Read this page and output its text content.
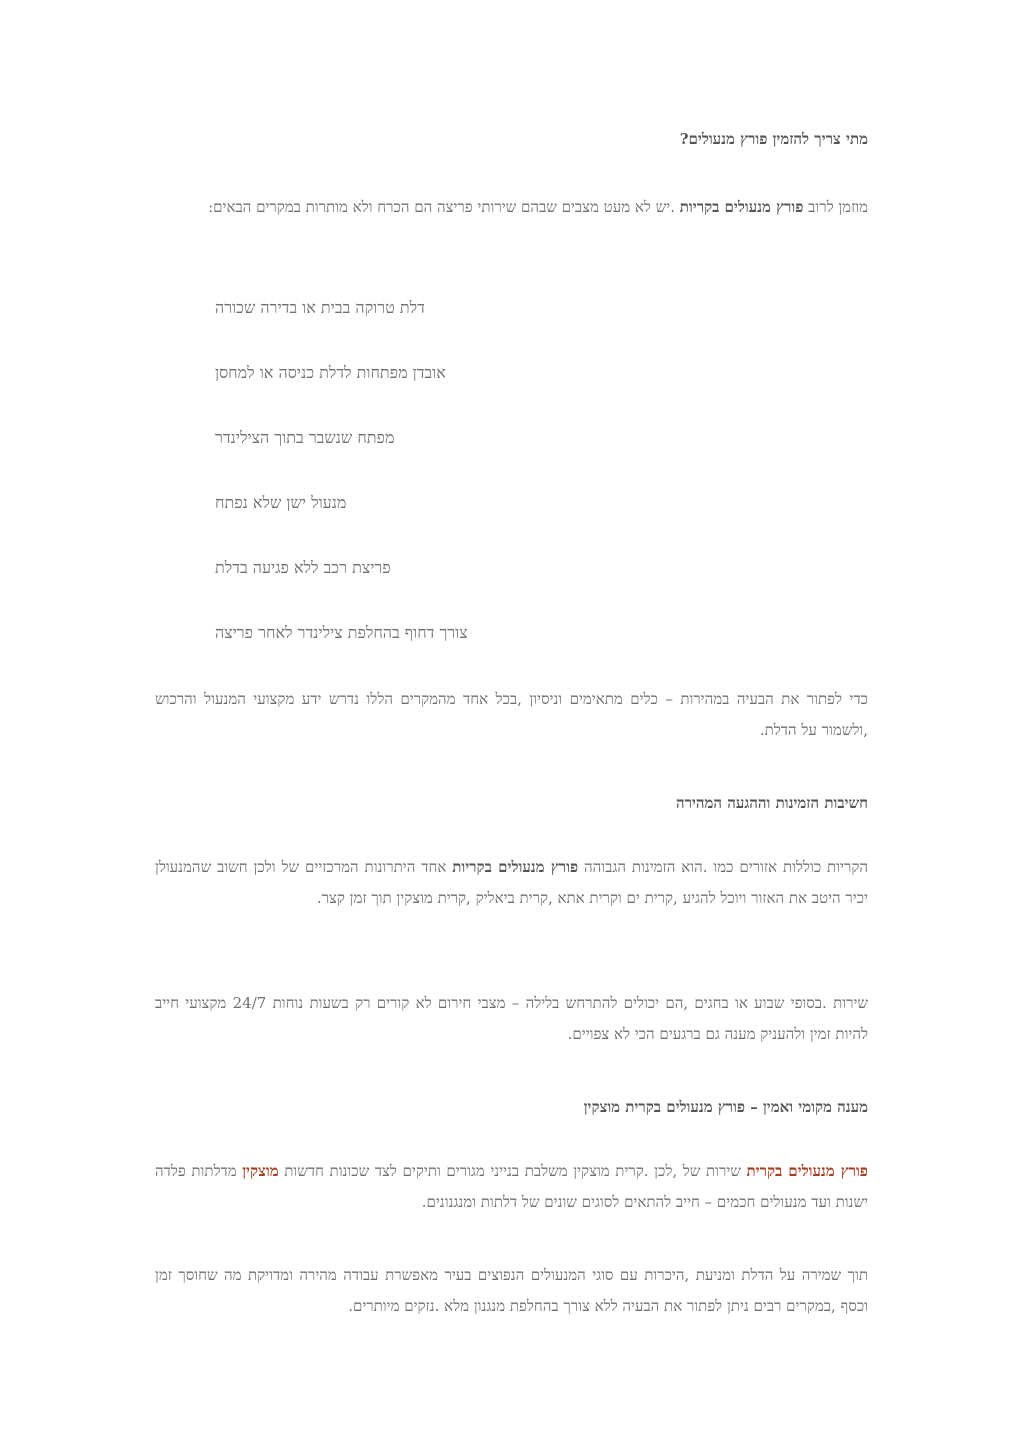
מתי צריך להזמין פורץ מנעולים?
מוזמן לרוב פורץ מנעולים בקריות .יש לא מעט מצבים שבהם שירותי פריצה הם הכרח ולא מותרות במקרים הבאים:
דלת טרוקה בבית או בדירה שכורה
אובדן מפתחות לדלת כניסה או למחסן
מפתח שנשבר בתוך הצילינדר
מנעול ישן שלא נפתח
פריצת רכב ללא פגיעה בדלת
צורך דחוף בהחלפת צילינדר לאחר פריצה
כדי לפתור את הבעיה במהירות – כלים מתאימים וניסיון ,בכל אחד מהמקרים הללו נדרש ידע מקצועי המנעול והרכוש ,ולשמור על הדלת.
חשיבות הזמינות וההגעה המהירה
הקריות כוללות אזורים כמו .הוא הזמינות הגבוהה פורץ מנעולים בקריות אחד היתרונות המרכזיים של ולכן חשוב שהמנעולן יכיר היטב את האזור ויוכל להגיע ,קרית ים וקרית אתא ,קרית ביאליק ,קרית מוצקין תוך זמן קצר.
שירות .בסופי שבוע או בחגים ,הם יכולים להתרחש בלילה – מצבי חירום לא קורים רק בשעות נוחות 24/7 מקצועי חייב להיות זמין ולהעניק מענה גם ברגעים הכי לא צפויים.
מענה מקומי ואמין – פורץ מנעולים בקרית מוצקין
פורץ מנעולים בקרית שירות של ,לכן .קרית מוצקין משלבת בנייני מגורים ותיקים לצד שכונות חדשות מוצקין מדלתות פלדה ישנות ועד מנעולים חכמים – חייב להתאים לסוגים שונים של דלתות ומנגנונים.
תוך שמירה על הדלת ומניעת ,היכרות עם סוגי המנעולים הנפוצים בעיר מאפשרת עבודה מהירה ומדויקת מה שחוסך זמן וכסף ,במקרים רבים ניתן לפתור את הבעיה ללא צורך בהחלפת מנגנון מלא .נזקים מיותרים.
